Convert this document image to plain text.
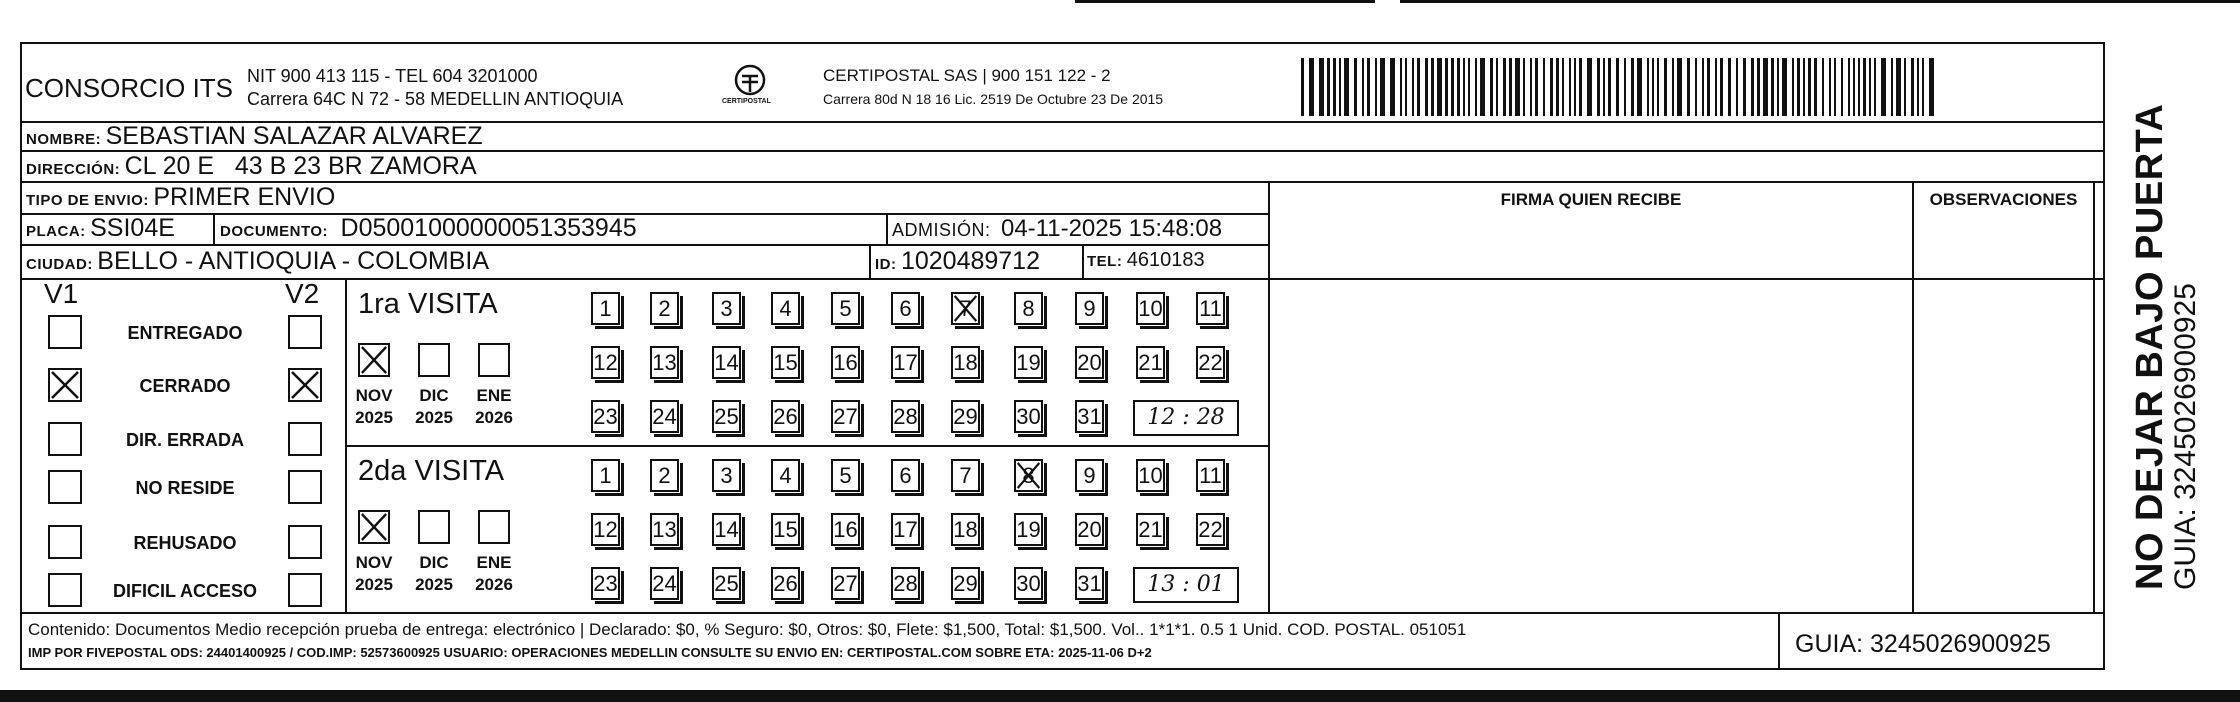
CONSORCIO ITS NIT 900 413 115 - TEL 604 3201000
Carrera 64C N 72 - 58 MEDELLIN ANTIOQUIA	CERTIPOSTAL
CERTIPOSTAL SAS | 900 151 122 - 2
Carrera 80d N 18 16 Lic. 2519 De Octubre 23 De 2015
NOMBRE: SEBASTIAN SALAZAR ALVAREZ
DIRECCIÓN: CL 20 E   43 B 23 BR ZAMORA
TIPO DE ENVIO: PRIMER ENVIO	FIRMA QUIEN RECIBE	OBSERVACIONES
PLACA: SSI04E	DOCUMENTO: D05001000000051353945	ADMISIÓN: 04-11-2025 15:48:08
CIUDAD: BELLO - ANTIOQUIA - COLOMBIA	ID: 1020489712	TEL: 4610183
V1	V2
ENTREGADO
CERRADO
DIR. ERRADA
NO RESIDE
REHUSADO
DIFICIL ACCESO
1ra VISITA
NOV
2025
DIC
2025
ENE
2026
1	2	3	4	5	6	7	8	9	10 11
12 13 14 15 16 17 18 19 20 21 22
23 24 25 26 27 28 29 30 31	12 : 28
2da VISITA
NOV
2025
DIC
2025
ENE
2026
1	2	3	4	5	6	7	8	9	10 11
12 13 14 15 16 17 18 19 20 21 22
23 24 25 26 27 28 29 30 31	13 : 01	NO DEJAR BAJO PUERTA
GUIA: 3245026900925
Contenido: Documentos Medio recepción prueba de entrega: electrónico | Declarado: $0, % Seguro: $0, Otros: $0, Flete: $1,500, Total: $1,500. Vol.. 1*1*1. 0.5 1 Unid. COD. POSTAL. 051051
IMP POR FIVEPOSTAL ODS: 24401400925 / COD.IMP: 52573600925 USUARIO: OPERACIONES MEDELLIN CONSULTE SU ENVIO EN: CERTIPOSTAL.COM SOBRE ETA: 2025-11-06 D+2	GUIA: 3245026900925
